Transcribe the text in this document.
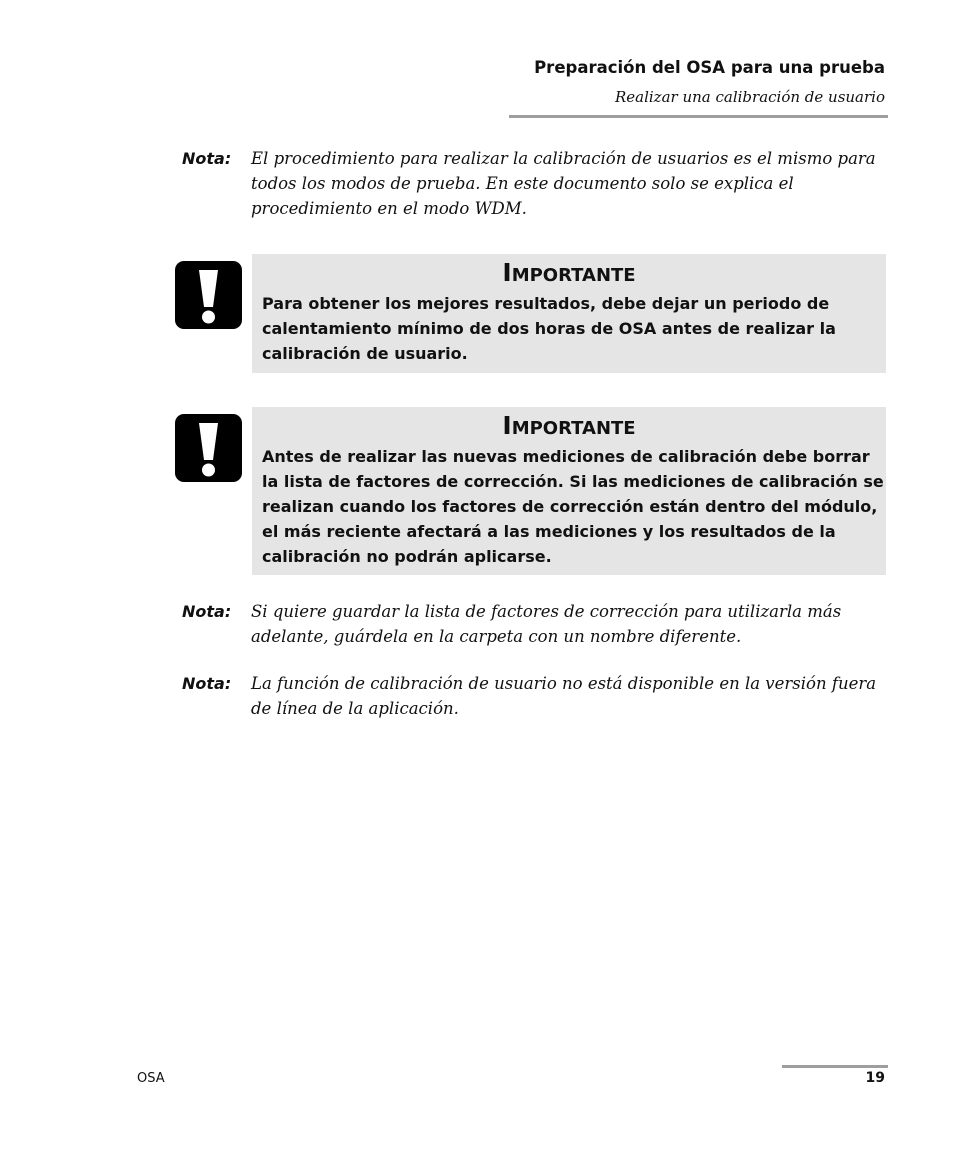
Preparación del OSA para una prueba
Realizar una calibración de usuario
Nota: El procedimiento para realizar la calibración de usuarios es el mismo para todos los modos de prueba. En este documento solo se explica el procedimiento en el modo WDM.
Importante
Para obtener los mejores resultados, debe dejar un periodo de calentamiento mínimo de dos horas de OSA antes de realizar la calibración de usuario.
Importante
Antes de realizar las nuevas mediciones de calibración debe borrar la lista de factores de corrección. Si las mediciones de calibración se realizan cuando los factores de corrección están dentro del módulo, el más reciente afectará a las mediciones y los resultados de la calibración no podrán aplicarse.
Nota: Si quiere guardar la lista de factores de corrección para utilizarla más adelante, guárdela en la carpeta con un nombre diferente.
Nota: La función de calibración de usuario no está disponible en la versión fuera de línea de la aplicación.
OSA	19
